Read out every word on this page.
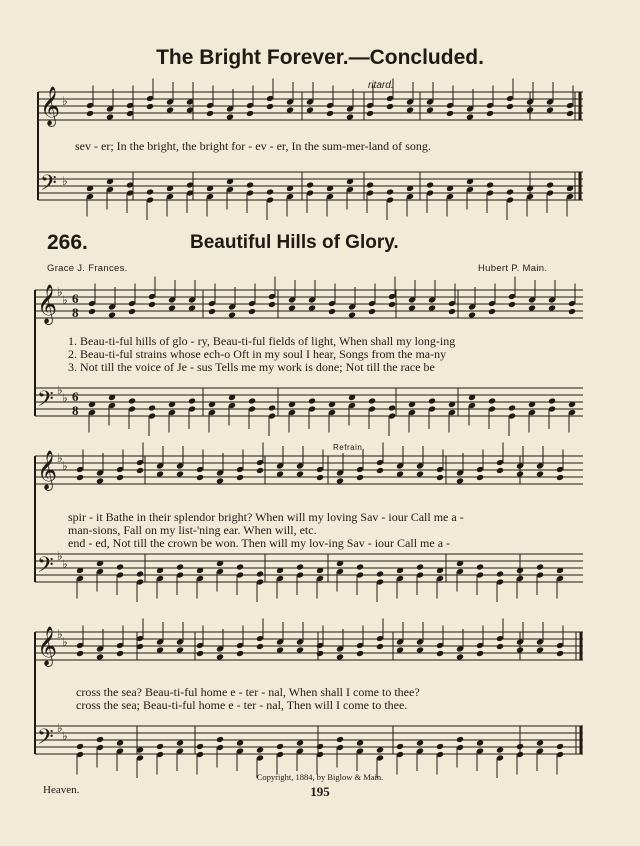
The Bright Forever.—Concluded.
𝄞
𝄢
♭
♭
ritard.
sev - er; In the bright, the bright for - ev - er, In the sum-mer-land of song.
266.	Beautiful Hills of Glory.
Grace J. Frances.	Hubert P. Main.
𝄞
𝄢
♭
♭
♭
♭
6
8
6
8
1. Beau-ti-ful hills of glo - ry, Beau-ti-ful fields of light, When shall my long-ing
2. Beau-ti-ful strains whose ech-o Oft in my soul I hear, Songs from the ma-ny
3. Not till the voice of Je - sus Tells me my work is done; Not till the race be
Refrain.
𝄞
𝄢
♭
♭
♭
♭
spir - it Bathe in their splendor bright? When will my loving Sav - iour Call me a -
man-sions, Fall on my list-'ning ear. When will, etc.
end - ed, Not till the crown be won. Then will my lov-ing Sav - iour Call me a -
𝄞
𝄢
♭
♭
♭
♭
cross the sea? Beau-ti-ful home e - ter - nal, When shall I come to thee?
cross the sea; Beau-ti-ful home e - ter - nal, Then will I come to thee.
Copyright, 1884, by Biglow & Main.
195
Heaven.
